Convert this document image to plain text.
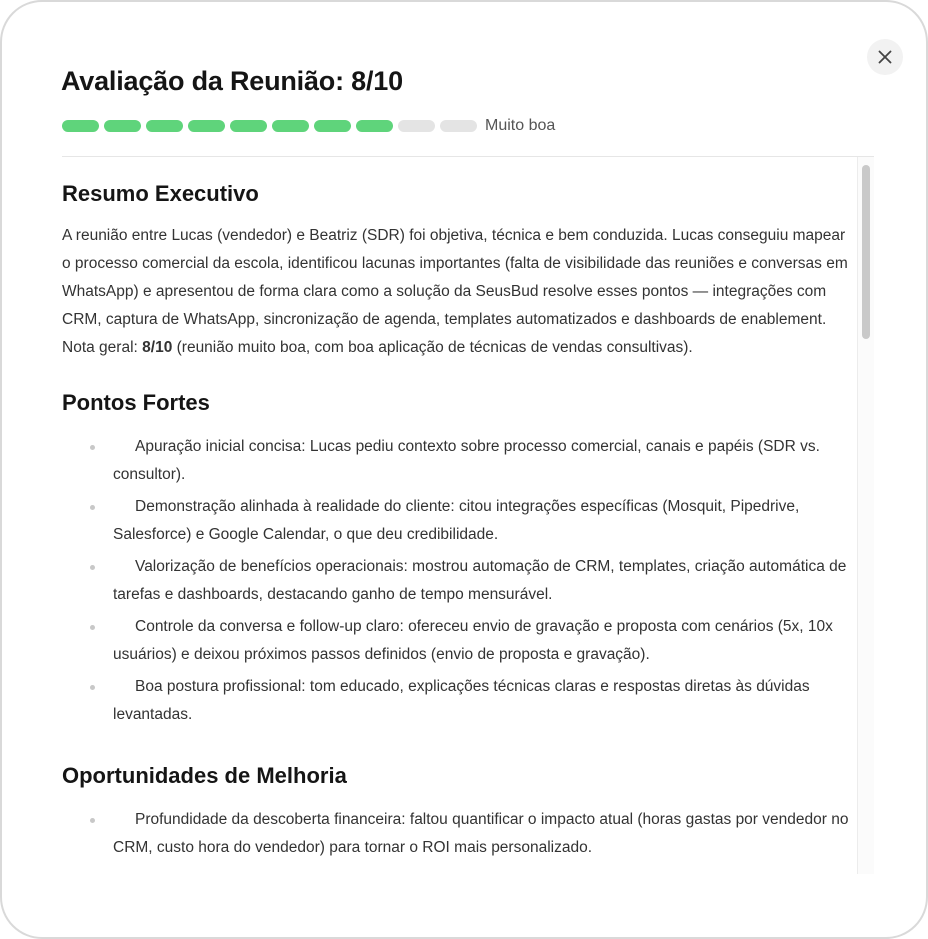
Avaliação da Reunião: 8/10
Muito boa
Resumo Executivo

A reunião entre Lucas (vendedor) e Beatriz (SDR) foi objetiva, técnica e bem conduzida. Lucas conseguiu mapear o processo comercial da escola, identificou lacunas importantes (falta de visibilidade das reuniões e conversas em WhatsApp) e apresentou de forma clara como a solução da SeusBud resolve esses pontos — integrações com CRM, captura de WhatsApp, sincronização de agenda, templates automatizados e dashboards de enablement. Nota geral: 8/10 (reunião muito boa, com boa aplicação de técnicas de vendas consultivas).

Pontos Fortes
Apuração inicial concisa: Lucas pediu contexto sobre processo comercial, canais e papéis (SDR vs. consultor).
Demonstração alinhada à realidade do cliente: citou integrações específicas (Mosquit, Pipedrive, Salesforce) e Google Calendar, o que deu credibilidade.
Valorização de benefícios operacionais: mostrou automação de CRM, templates, criação automática de tarefas e dashboards, destacando ganho de tempo mensurável.
Controle da conversa e follow-up claro: ofereceu envio de gravação e proposta com cenários (5x, 10x usuários) e deixou próximos passos definidos (envio de proposta e gravação).
Boa postura profissional: tom educado, explicações técnicas claras e respostas diretas às dúvidas levantadas.
Oportunidades de Melhoria
Profundidade da descoberta financeira: faltou quantificar o impacto atual (horas gastas por vendedor no CRM, custo hora do vendedor) para tornar o ROI mais personalizado.
